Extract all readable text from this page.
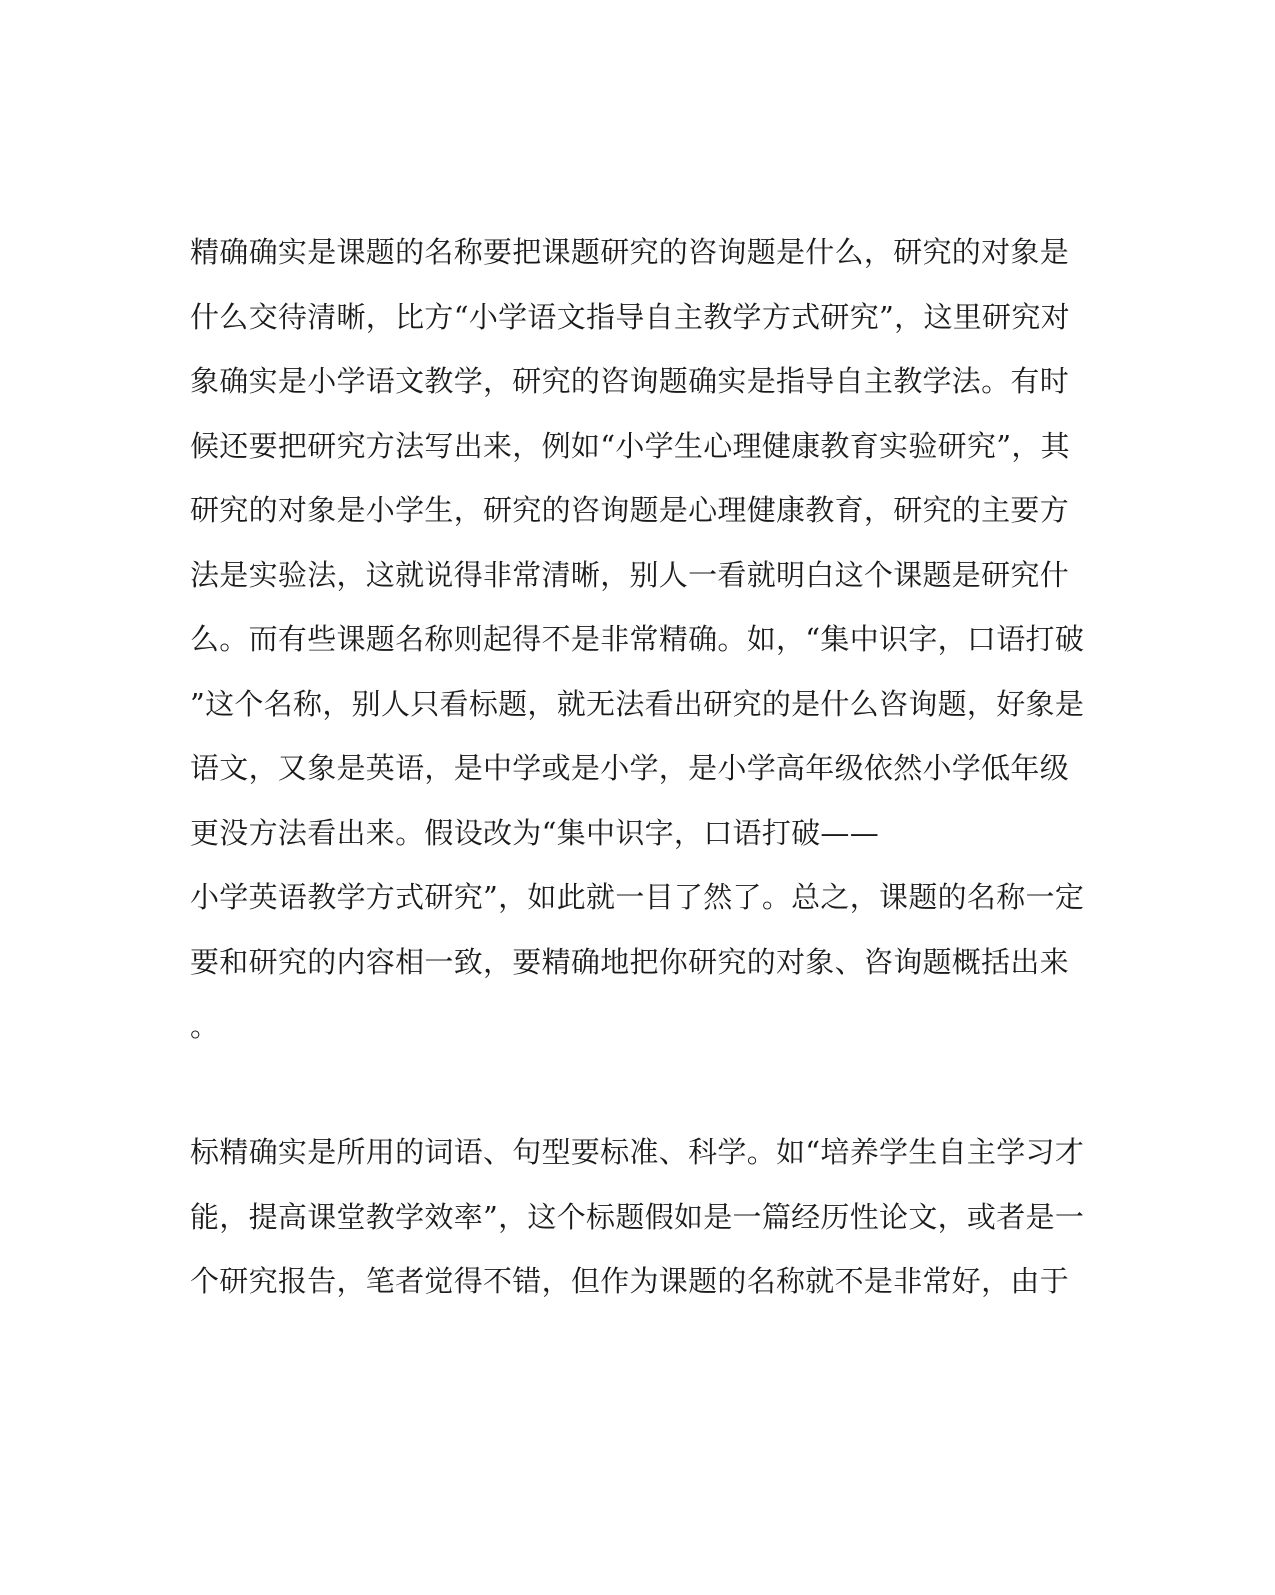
精确确实是课题的名称要把课题研究的咨询题是什么，研究的对象是
什么交待清晰，比方“小学语文指导自主教学方式研究”，这里研究对
象确实是小学语文教学，研究的咨询题确实是指导自主教学法。有时
候还要把研究方法写出来，例如“小学生心理健康教育实验研究”，其
研究的对象是小学生，研究的咨询题是心理健康教育，研究的主要方
法是实验法，这就说得非常清晰，别人一看就明白这个课题是研究什
么。而有些课题名称则起得不是非常精确。如，“集中识字，口语打破
”这个名称，别人只看标题，就无法看出研究的是什么咨询题，好象是
语文，又象是英语，是中学或是小学，是小学高年级依然小学低年级
更没方法看出来。假设改为“集中识字，口语打破——
小学英语教学方式研究”，如此就一目了然了。总之，课题的名称一定
要和研究的内容相一致，要精确地把你研究的对象、咨询题概括出来
。
标精确实是所用的词语、句型要标准、科学。如“培养学生自主学习才
能，提高课堂教学效率”，这个标题假如是一篇经历性论文，或者是一
个研究报告，笔者觉得不错，但作为课题的名称就不是非常好，由于
